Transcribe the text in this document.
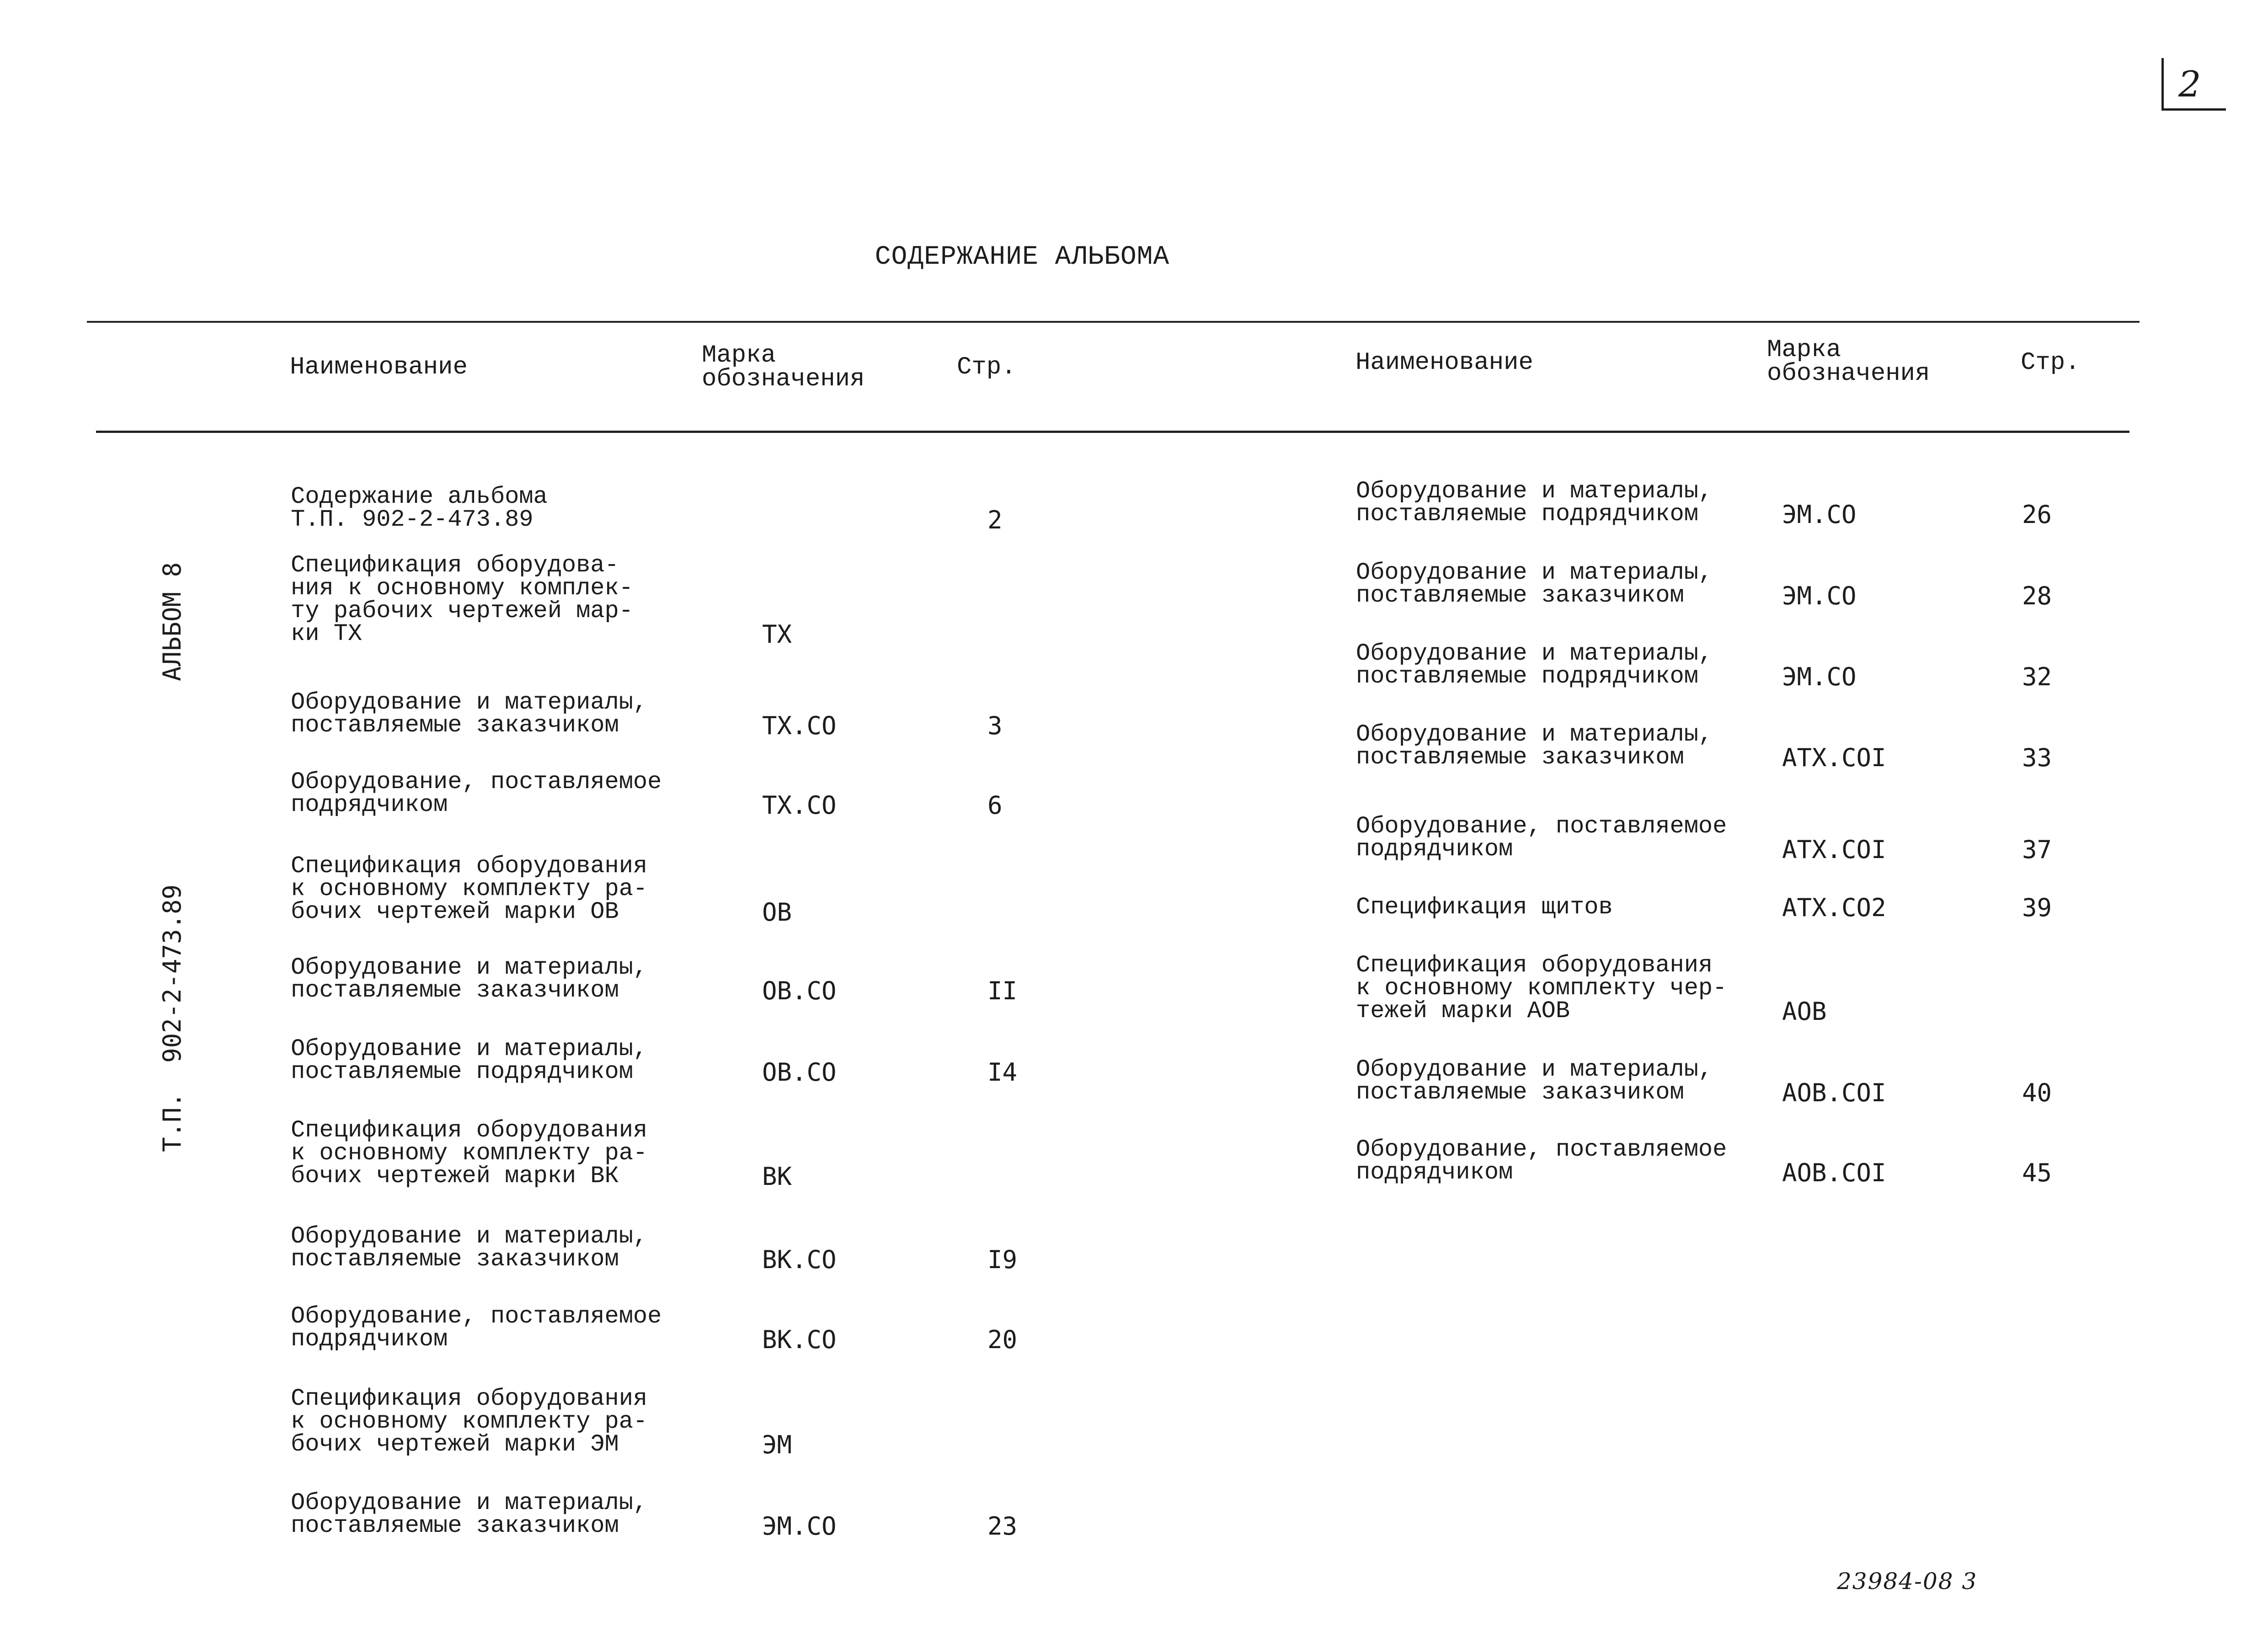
2
СОДЕРЖАНИЕ АЛЬБОМА
Наименование	Марка
обозначения	Стр.	Наименование	Марка
обозначения	Стр.
АЛЬБОМ 8
Т.П.  902-2-473.89
Содержание альбома
Т.П. 902-2-473.89	2
Спецификация оборудова-
ния к основному комплек-
ту рабочих чертежей мар-
ки ТХ	ТХ
Оборудование и материалы,
поставляемые заказчиком	ТХ.СО	3
Оборудование, поставляемое
подрядчиком	ТХ.СО	6
Спецификация оборудования
к основному комплекту ра-
бочих чертежей марки ОВ	ОВ
Оборудование и материалы,
поставляемые заказчиком	ОВ.СО	II
Оборудование и материалы,
поставляемые подрядчиком	ОВ.СО	I4
Спецификация оборудования
к основному комплекту ра-
бочих чертежей марки ВК	ВК
Оборудование и материалы,
поставляемые заказчиком	ВК.СО	I9
Оборудование, поставляемое
подрядчиком	ВК.СО	20
Спецификация оборудования
к основному комплекту ра-
бочих чертежей марки ЭМ	ЭМ
Оборудование и материалы,
поставляемые заказчиком	ЭМ.СО	23
Оборудование и материалы,
поставляемые подрядчиком	ЭМ.СО	26
Оборудование и материалы,
поставляемые заказчиком	ЭМ.СО	28
Оборудование и материалы,
поставляемые подрядчиком	ЭМ.СО	32
Оборудование и материалы,
поставляемые заказчиком	АТХ.СОI	33
Оборудование, поставляемое
подрядчиком	АТХ.СОI	37
Спецификация щитов	АТХ.СО2	39
Спецификация оборудования
к основному комплекту чер-
тежей марки АОВ	АОВ
Оборудование и материалы,
поставляемые заказчиком	АОВ.СОI	40
Оборудование, поставляемое
подрядчиком	АОВ.СОI	45
23984-08 3
